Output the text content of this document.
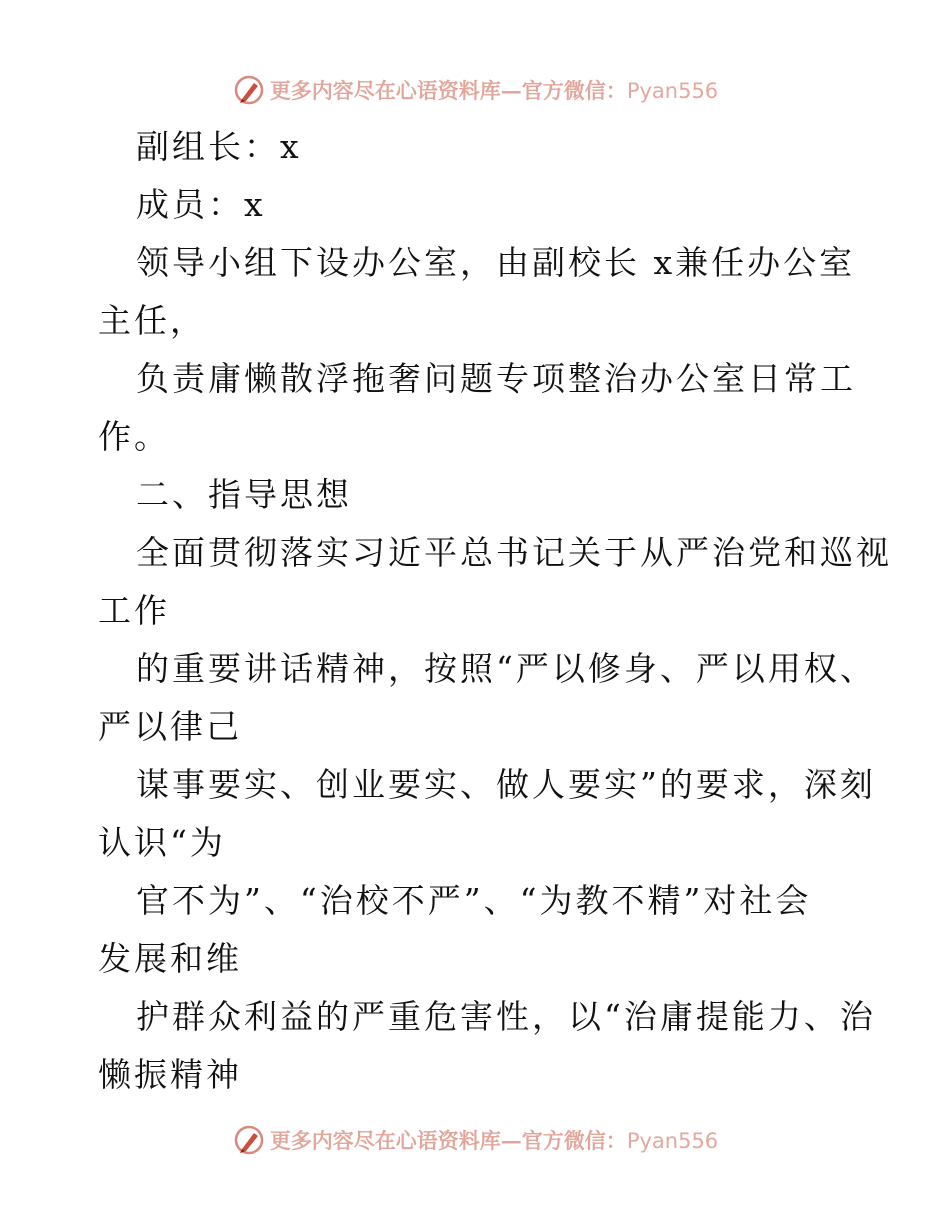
更多内容尽在心语资料库—官方微信：Pyan556
副组长：x
成员：x
领导小组下设办公室，由副校长 x兼任办公室
主任，
负责庸懒散浮拖奢问题专项整治办公室日常工
作。
二、指导思想
全面贯彻落实习近平总书记关于从严治党和巡视
工作
的重要讲话精神，按照“严以修身、严以用权、
严以律己
谋事要实、创业要实、做人要实”的要求，深刻
认识“为
官不为”、“治校不严”、“为教不精”对社会
发展和维
护群众利益的严重危害性，以“治庸提能力、治
懒振精神
更多内容尽在心语资料库—官方微信：Pyan556
